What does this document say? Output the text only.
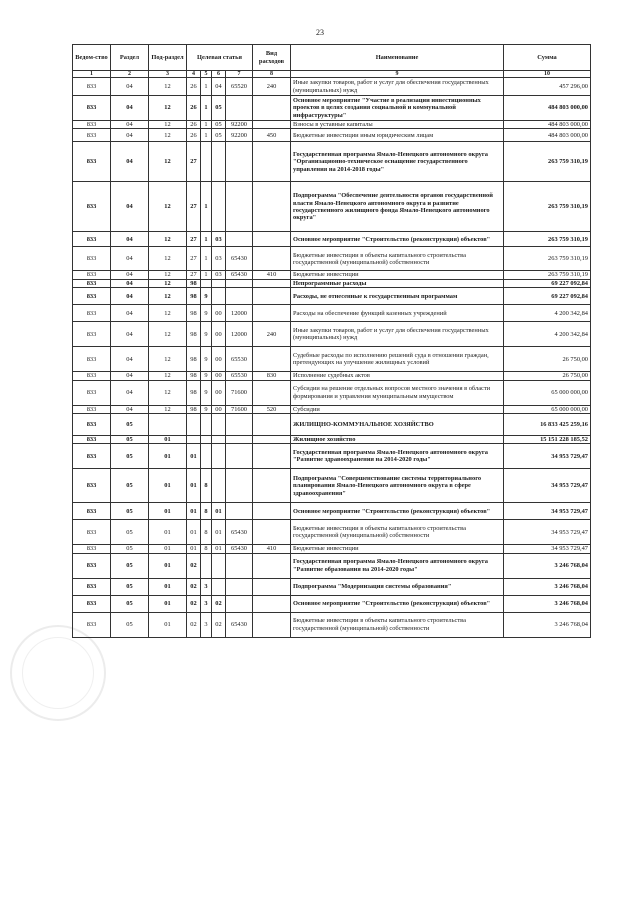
23
Ведом-ство	Раздел	Под-раздел	Целевая статья				Вид расходов	Наименование	Сумма
1	2	3	4	5	6	7	8	9	10
833	04	12	26	1	04	65520	240	Иные закупки товаров, работ и услуг для обеспечения государственных (муниципальных) нужд	457 296,00
833	04	12	26	1	05			Основное мероприятие "Участие в реализации инвестиционных проектов в целях создания социальной и коммунальной инфраструктуры"	484 803 000,00
833	04	12	26	1	05	92200		Взносы в уставные капиталы	484 803 000,00
833	04	12	26	1	05	92200	450	Бюджетные инвестиции иным юридическим лицам	484 803 000,00
833	04	12	27					Государственная программа Ямало-Ненецкого автономного округа "Организационно-техническое оснащение государственного управления на 2014-2018 годы"	263 759 310,19
833	04	12	27	1				Подпрограмма "Обеспечение деятельности органов государственной власти Ямало-Ненецкого автономного округа и развитие государственного жилищного фонда Ямало-Ненецкого автономного округа"	263 759 310,19
833	04	12	27	1	03			Основное мероприятие "Строительство (реконструкция) объектов"	263 759 310,19
833	04	12	27	1	03	65430		Бюджетные инвестиции в объекты капитального строительства государственной (муниципальной) собственности	263 759 310,19
833	04	12	27	1	03	65430	410	Бюджетные инвестиции	263 759 310,19
833	04	12	98					Непрограммные расходы	69 227 092,84
833	04	12	98	9				Расходы, не отнесенные к государственным программам	69 227 092,84
833	04	12	98	9	00	12000		Расходы на обеспечение функций казенных учреждений	4 200 342,84
833	04	12	98	9	00	12000	240	Иные закупки товаров, работ и услуг для обеспечения государственных (муниципальных) нужд	4 200 342,84
833	04	12	98	9	00	65530		Судебные расходы по исполнению решений суда в отношении граждан, претендующих на улучшение жилищных условий	26 750,00
833	04	12	98	9	00	65530	830	Исполнение судебных актов	26 750,00
833	04	12	98	9	00	71600		Субсидии на решение отдельных вопросов местного значения в области формирования и управления муниципальным имуществом	65 000 000,00
833	04	12	98	9	00	71600	520	Субсидии	65 000 000,00
833	05							ЖИЛИЩНО-КОММУНАЛЬНОЕ ХОЗЯЙСТВО	16 833 425 259,16
833	05	01						Жилищное хозяйство	15 151 228 185,52
833	05	01	01					Государственная программа Ямало-Ненецкого автономного округа "Развитие здравоохранения на 2014-2020 годы"	34 953 729,47
833	05	01	01	8				Подпрограмма "Совершенствование системы территориального планирования Ямало-Ненецкого автономного округа в сфере здравоохранения"	34 953 729,47
833	05	01	01	8	01			Основное мероприятие "Строительство (реконструкция) объектов"	34 953 729,47
833	05	01	01	8	01	65430		Бюджетные инвестиции в объекты капитального строительства государственной (муниципальной) собственности	34 953 729,47
833	05	01	01	8	01	65430	410	Бюджетные инвестиции	34 953 729,47
833	05	01	02					Государственная программа Ямало-Ненецкого автономного округа "Развитие образования на 2014-2020 годы"	3 246 768,04
833	05	01	02	3				Подпрограмма "Модернизация системы образования"	3 246 768,04
833	05	01	02	3	02			Основное мероприятие "Строительство (реконструкция) объектов"	3 246 768,04
833	05	01	02	3	02	65430		Бюджетные инвестиции в объекты капитального строительства государственной (муниципальной) собственности	3 246 768,04
